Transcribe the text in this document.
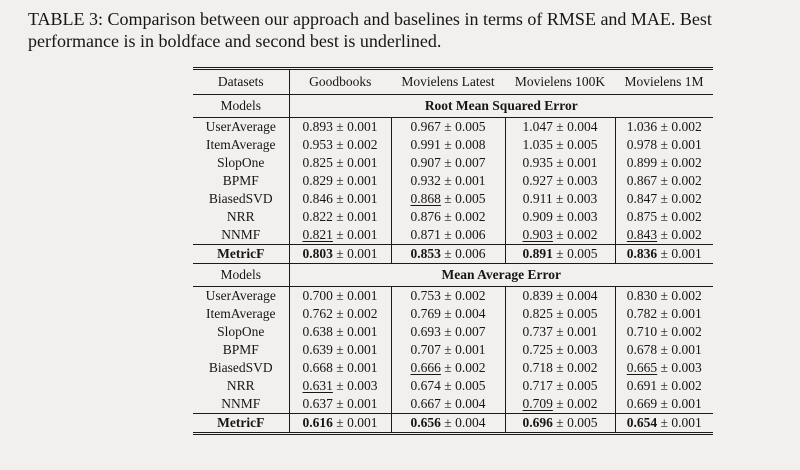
TABLE 3: Comparison between our approach and baselines in terms of RMSE and MAE. Best performance is in boldface and second best is underlined.

Datasets	Goodbooks	Movielens Latest	Movielens 100K	Movielens 1M
Models	Root Mean Squared Error			
UserAverage	0.893 ± 0.001	0.967 ± 0.005	1.047 ± 0.004	1.036 ± 0.002
ItemAverage	0.953 ± 0.002	0.991 ± 0.008	1.035 ± 0.005	0.978 ± 0.001
SlopOne	0.825 ± 0.001	0.907 ± 0.007	0.935 ± 0.001	0.899 ± 0.002
BPMF	0.829 ± 0.001	0.932 ± 0.001	0.927 ± 0.003	0.867 ± 0.002
BiasedSVD	0.846 ± 0.001	0.868 ± 0.005	0.911 ± 0.003	0.847 ± 0.002
NRR	0.822 ± 0.001	0.876 ± 0.002	0.909 ± 0.003	0.875 ± 0.002
NNMF	0.821 ± 0.001	0.871 ± 0.006	0.903 ± 0.002	0.843 ± 0.002
MetricF	0.803 ± 0.001	0.853 ± 0.006	0.891 ± 0.005	0.836 ± 0.001
Models	Mean Average Error			
UserAverage	0.700 ± 0.001	0.753 ± 0.002	0.839 ± 0.004	0.830 ± 0.002
ItemAverage	0.762 ± 0.002	0.769 ± 0.004	0.825 ± 0.005	0.782 ± 0.001
SlopOne	0.638 ± 0.001	0.693 ± 0.007	0.737 ± 0.001	0.710 ± 0.002
BPMF	0.639 ± 0.001	0.707 ± 0.001	0.725 ± 0.003	0.678 ± 0.001
BiasedSVD	0.668 ± 0.001	0.666 ± 0.002	0.718 ± 0.002	0.665 ± 0.003
NRR	0.631 ± 0.003	0.674 ± 0.005	0.717 ± 0.005	0.691 ± 0.002
NNMF	0.637 ± 0.001	0.667 ± 0.004	0.709 ± 0.002	0.669 ± 0.001
MetricF	0.616 ± 0.001	0.656 ± 0.004	0.696 ± 0.005	0.654 ± 0.001
